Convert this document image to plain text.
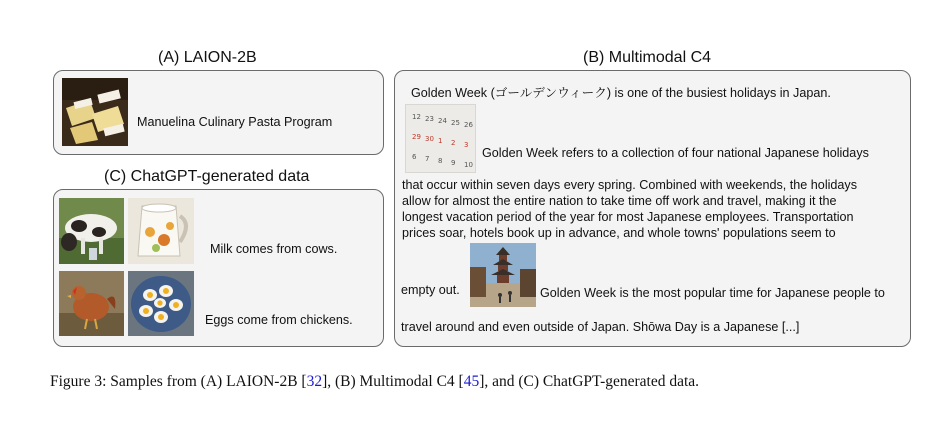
(A) LAION-2B	(B) Multimodal C4
(C) ChatGPT-generated data
Manuelina Culinary Pasta Program
Milk comes from cows.
Eggs come from chickens.
Golden Week (ゴールデンウィーク) is one of the busiest holidays in Japan.
12 23 24 25 26
29 30 1 2 3
6 7 8 9 10
Golden Week refers to a collection of four national Japanese holidays
that occur within seven days every spring. Combined with weekends, the holidays
allow for almost the entire nation to take time off work and travel, making it the
longest vacation period of the year for most Japanese employees. Transportation
prices soar, hotels book up in advance, and whole towns' populations seem to
empty out.	Golden Week is the most popular time for Japanese people to
travel around and even outside of Japan. Shōwa Day is a Japanese [...]
Figure 3: Samples from (A) LAION-2B [32], (B) Multimodal C4 [45], and (C) ChatGPT-generated data.
